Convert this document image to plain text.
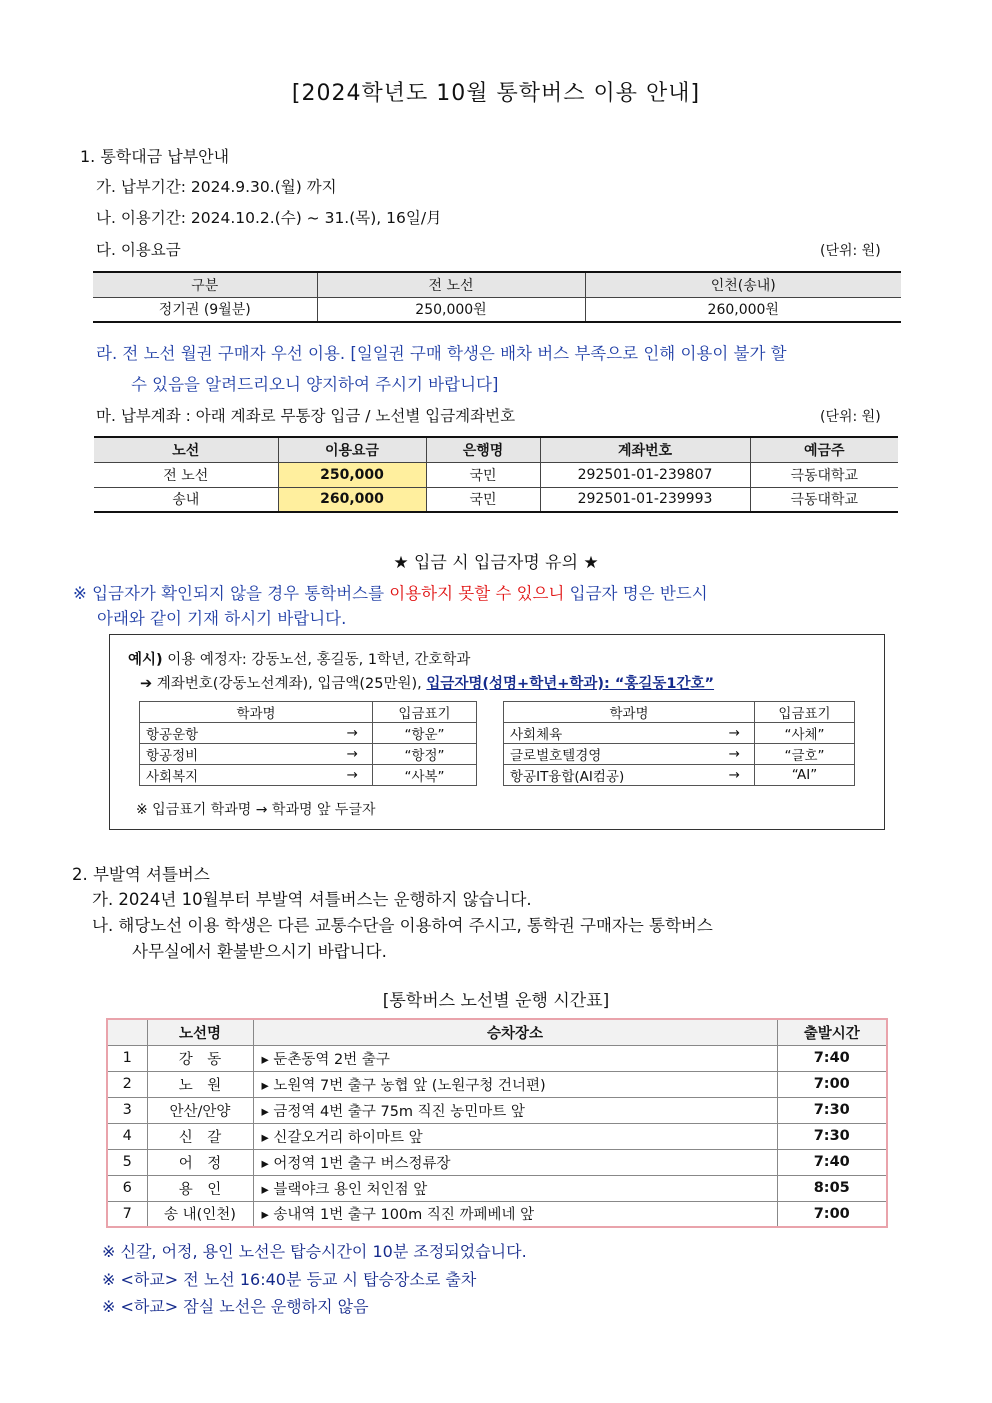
[2024학년도 10월 통학버스 이용 안내]
1. 통학대금 납부안내
가. 납부기간: 2024.9.30.(월) 까지
나. 이용기간: 2024.10.2.(수) ~ 31.(목), 16일/月
다. 이용요금	(단위: 원)
구분	전 노선	인천(송내)
정기권 (9월분)	250,000원	260,000원
라. 전 노선 월권 구매자 우선 이용. [일일권 구매 학생은 배차 버스 부족으로 인해 이용이 불가 할
수 있음을 알려드리오니 양지하여 주시기 바랍니다]
마. 납부계좌 : 아래 계좌로 무통장 입금 / 노선별 입금계좌번호	(단위: 원)
노선	이용요금	은행명	계좌번호	예금주
전 노선	250,000	국민	292501-01-239807	극동대학교
송내	260,000	국민	292501-01-239993	극동대학교
★ 입금 시 입금자명 유의 ★
※ 입금자가 확인되지 않을 경우 통학버스를 이용하지 못할 수 있으니 입금자 명은 반드시
아래와 같이 기재 하시기 바랍니다.
예시) 이용 예정자: 강동노선, 홍길동, 1학년, 간호학과
➔ 계좌번호(강동노선계좌), 입금액(25만원), 입금자명(성명+학년+학과): “홍길동1간호”
학과명		입금표기
항공운항	→	“항운”
항공정비	→	“항정”
사회복지	→	“사복”
학과명		입금표기
사회체육	→	“사체”
글로벌호텔경영	→	“글호”
항공IT융합(AI컴공)	→	“AI”
※ 입금표기 학과명 → 학과명 앞 두글자
2. 부발역 셔틀버스
가. 2024년 10월부터 부발역 셔틀버스는 운행하지 않습니다.
나. 해당노선 이용 학생은 다른 교통수단을 이용하여 주시고, 통학권 구매자는 통학버스
사무실에서 환불받으시기 바랍니다.
[통학버스 노선별 운행 시간표]
	노선명	승차장소	출발시간
1	강　동	▸ 둔촌동역 2번 출구	7:40
2	노　원	▸ 노원역 7번 출구 농협 앞 (노원구청 건너편)	7:00
3	안산/안양	▸ 금정역 4번 출구 75m 직진 농민마트 앞	7:30
4	신　갈	▸ 신갈오거리 하이마트 앞	7:30
5	어　정	▸ 어정역 1번 출구 버스정류장	7:40
6	용　인	▸ 블랙야크 용인 처인점 앞	8:05
7	송 내(인천)	▸ 송내역 1번 출구 100m 직진 까페베네 앞	7:00
※ 신갈, 어정, 용인 노선은 탑승시간이 10분 조정되었습니다.
※ <하교> 전 노선 16:40분 등교 시 탑승장소로 출차
※ <하교> 잠실 노선은 운행하지 않음
